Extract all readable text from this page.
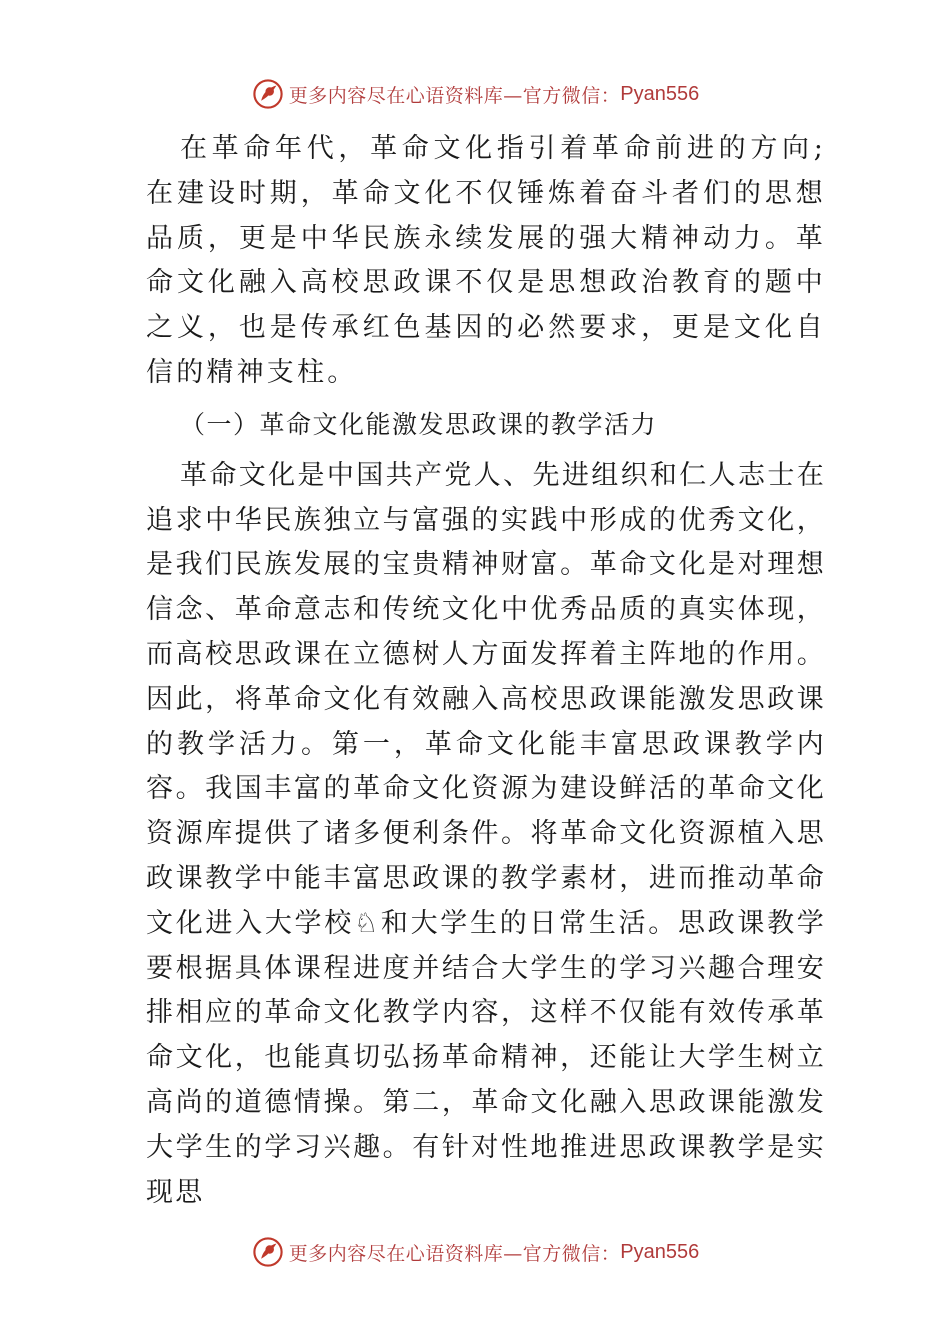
更多内容尽在心语资料库—官方微信： Pyan556

在革命年代，革命文化指引着革命前进的方向;在建设时期，革命文化不仅锤炼着奋斗者们的思想品质，更是中华民族永续发展的强大精神动力。革命文化融入高校思政课不仅是思想政治教育的题中之义，也是传承红色基因的必然要求，更是文化自信的精神支柱。

（一）革命文化能激发思政课的教学活力

革命文化是中国共产党人、先进组织和仁人志士在追求中华民族独立与富强的实践中形成的优秀文化，是我们民族发展的宝贵精神财富。革命文化是对理想信念、革命意志和传统文化中优秀品质的真实体现，而高校思政课在立德树人方面发挥着主阵地的作用。因此，将革命文化有效融入高校思政课能激发思政课的教学活力。第一，革命文化能丰富思政课教学内容。我国丰富的革命文化资源为建设鲜活的革命文化资源库提供了诸多便利条件。将革命文化资源植入思政课教学中能丰富思政课的教学素材，进而推动革命文化进入大学校♘和大学生的日常生活。思政课教学要根据具体课程进度并结合大学生的学习兴趣合理安排相应的革命文化教学内容，这样不仅能有效传承革命文化，也能真切弘扬革命精神，还能让大学生树立高尚的道德情操。第二，革命文化融入思政课能激发大学生的学习兴趣。有针对性地推进思政课教学是实现思

更多内容尽在心语资料库—官方微信： Pyan556
